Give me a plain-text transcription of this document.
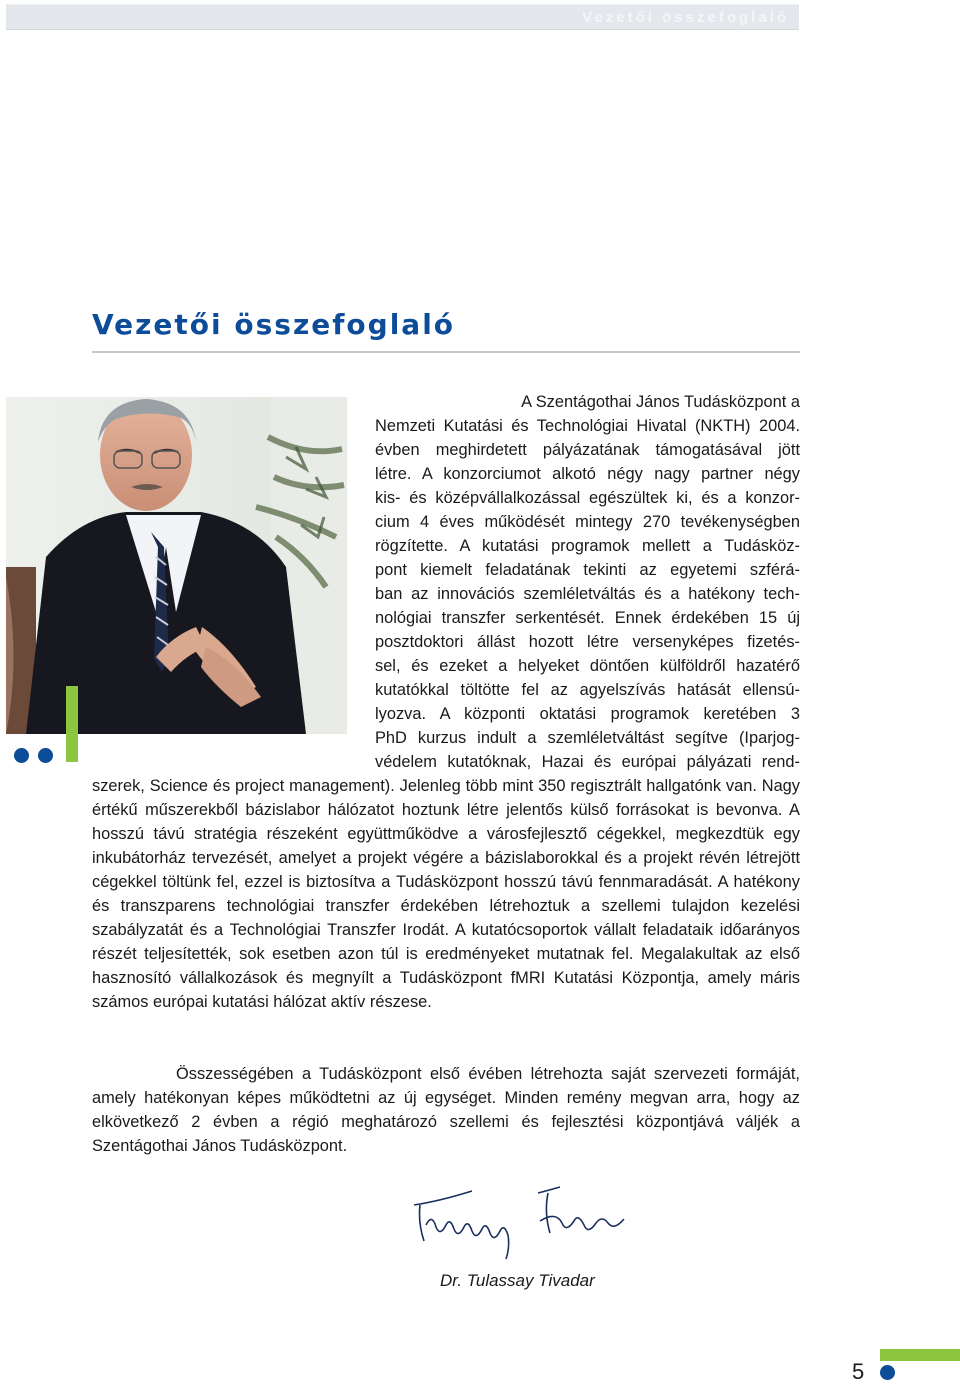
Vezetői összefoglaló
Vezetői összefoglaló
A Szentágothai János Tudásközpont a
Nemzeti Kutatási és Technológiai Hivatal (NKTH) 2004.
évben meghirdetett pályázatának támogatásával jött
létre. A konzorciumot alkotó négy nagy partner négy
kis- és középvállalkozással egészültek ki, és a konzor-
cium 4 éves működését mintegy 270 tevékenységben
rögzítette. A kutatási programok mellett a Tudásköz-
pont kiemelt feladatának tekinti az egyetemi szférá-
ban az innovációs szemléletváltás és a hatékony tech-
nológiai transzfer serkentését. Ennek érdekében 15 új
posztdoktori állást hozott létre versenyképes fizetés-
sel, és ezeket a helyeket döntően külföldről hazatérő
kutatókkal töltötte fel az agyelszívás hatását ellensú-
lyozva. A központi oktatási programok keretében 3
PhD kurzus indult a szemléletváltást segítve (Iparjog-
védelem kutatóknak, Hazai és európai pályázati rend-

szerek, Science és project management). Jelenleg több mint 350 regisztrált hallgatónk van. Nagy értékű műszerekből bázislabor hálózatot hoztunk létre jelentős külső forrásokat is bevonva. A hosszú távú stratégia részeként együttműködve a városfejlesztő cégekkel, megkezdtük egy inkubátorház tervezését, amelyet a projekt végére a bázislaborokkal és a projekt révén létrejött cégekkel töltünk fel, ezzel is biztosítva a Tudásközpont hosszú távú fennmaradását. A hatékony és transzparens technológiai transzfer érdekében létrehoztuk a szellemi tulajdon kezelési szabályzatát és a Technológiai Transzfer Irodát. A kutatócsoportok vállalt feladataik időarányos részét teljesítették, sok esetben azon túl is eredményeket mutatnak fel. Megalakultak az első hasznosító vállalkozások és megnyílt a Tudásközpont fMRI Kutatási Központja, amely máris számos európai kutatási hálózat aktív részese.

Összességében a Tudásközpont első évében létrehozta saját szervezeti formáját, amely hatékonyan képes működtetni az új egységet. Minden remény megvan arra, hogy az elkövetkező 2 évben a régió meghatározó szellemi és fejlesztési központjává váljék a Szentágothai János Tudásközpont.

Dr. Tulassay Tivadar
5
